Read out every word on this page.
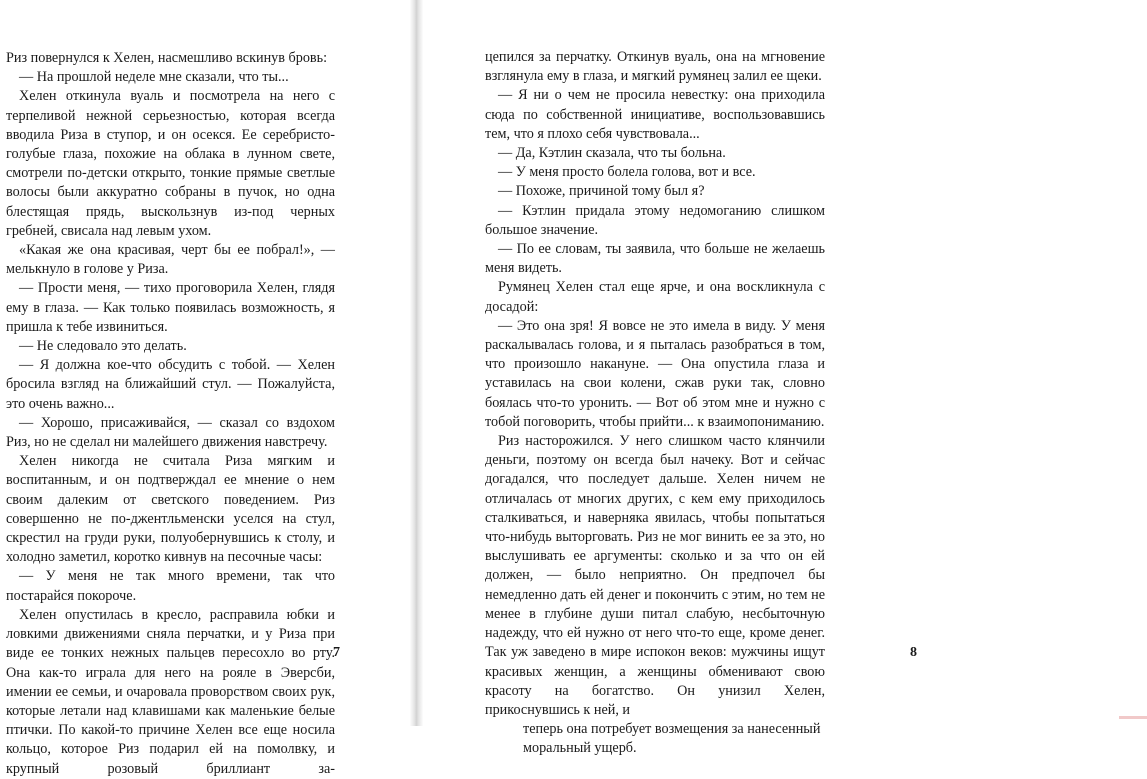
Риз повернулся к Хелен, насмешливо вскинув бровь:

— На прошлой неделе мне сказали, что ты...

Хелен откинула вуаль и посмотрела на него с терпеливой нежной серьезностью, которая всегда вводила Риза в ступор, и он осекся. Ее серебристо-голубые глаза, похожие на облака в лунном свете, смотрели по-детски открыто, тонкие прямые светлые волосы были аккуратно собраны в пучок, но одна блестящая прядь, выскользнув из-под черных гребней, свисала над левым ухом.

«Какая же она красивая, черт бы ее побрал!», — мелькнуло в голове у Риза.

— Прости меня, — тихо проговорила Хелен, глядя ему в глаза. — Как только появилась возможность, я пришла к тебе извиниться.

— Не следовало это делать.

— Я должна кое-что обсудить с тобой. — Хелен бросила взгляд на ближайший стул. — Пожалуйста, это очень важно...

— Хорошо, присаживайся, — сказал со вздохом Риз, но не сделал ни малейшего движения навстречу.

Хелен никогда не считала Риза мягким и воспитанным, и он подтверждал ее мнение о нем своим далеким от светского поведением. Риз совершенно не по-джентльменски уселся на стул, скрестил на груди руки, полуобернувшись к столу, и холодно заметил, коротко кивнув на песочные часы:

— У меня не так много времени, так что постарайся покороче.

Хелен опустилась в кресло, расправила юбки и ловкими движениями сняла перчатки, и у Риза при виде ее тонких нежных пальцев пересохло во рту. Она как-то играла для него на рояле в Эверсби, имении ее семьи, и очаровала проворством своих рук, которые летали над клавишами как маленькие белые птички. По какой-то причине Хелен все еще носила кольцо, которое Риз подарил ей на помолвку, и крупный розовый бриллиант за-

7	8

цепился за перчатку. Откинув вуаль, она на мгновение взглянула ему в глаза, и мягкий румянец залил ее щеки.

— Я ни о чем не просила невестку: она приходила сюда по собственной инициативе, воспользовавшись тем, что я плохо себя чувствовала...

— Да, Кэтлин сказала, что ты больна.

— У меня просто болела голова, вот и все.

— Похоже, причиной тому был я?

— Кэтлин придала этому недомоганию слишком большое значение.

— По ее словам, ты заявила, что больше не желаешь меня видеть.

Румянец Хелен стал еще ярче, и она воскликнула с досадой:

— Это она зря! Я вовсе не это имела в виду. У меня раскалывалась голова, и я пыталась разобраться в том, что произошло накануне. — Она опустила глаза и уставилась на свои колени, сжав руки так, словно боялась что-то уронить. — Вот об этом мне и нужно с тобой поговорить, чтобы прийти... к взаимопониманию.

Риз насторожился. У него слишком часто клянчили деньги, поэтому он всегда был начеку. Вот и сейчас догадался, что последует дальше. Хелен ничем не отличалась от многих других, с кем ему приходилось сталкиваться, и наверняка явилась, чтобы попытаться что-нибудь выторговать. Риз не мог винить ее за это, но выслушивать ее аргументы: сколько и за что он ей должен, — было неприятно. Он предпочел бы немедленно дать ей денег и покончить с этим, но тем не менее в глубине души питал слабую, несбыточную надежду, что ей нужно от него что-то еще, кроме денег. Так уж заведено в мире испокон веков: мужчины ищут красивых женщин, а женщины обменивают свою красоту на богатство. Он унизил Хелен, прикоснувшись к ней, и

теперь она потребует возмещения за нанесенный моральный ущерб.
